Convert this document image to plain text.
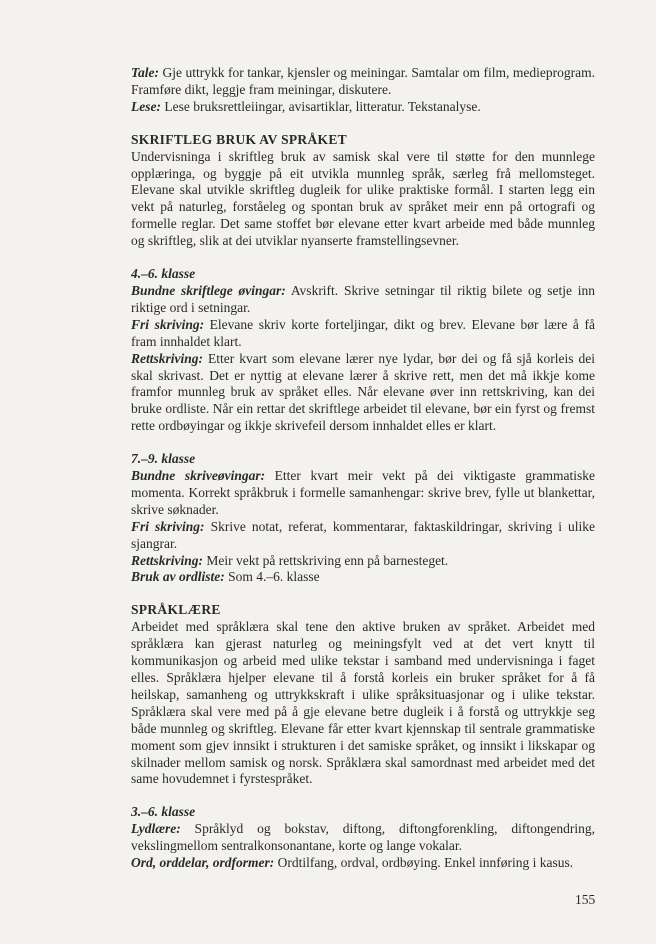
Tale: Gje uttrykk for tankar, kjensler og meiningar. Samtalar om film, medieprogram. Framføre dikt, leggje fram meiningar, diskutere.

Lese: Lese bruksrettleiingar, avisartiklar, litteratur. Tekstanalyse.

SKRIFTLEG BRUK AV SPRÅKET

Undervisninga i skriftleg bruk av samisk skal vere til støtte for den munnlege opplæringa, og byggje på eit utvikla munnleg språk, særleg frå mellomsteget. Elevane skal utvikle skriftleg dugleik for ulike praktiske formål. I starten legg ein vekt på naturleg, forståeleg og spontan bruk av språket meir enn på ortografi og formelle reglar. Det same stoffet bør elevane etter kvart arbeide med både munnleg og skriftleg, slik at dei utviklar nyanserte framstellingsevner.

4.–6. klasse

Bundne skriftlege øvingar: Avskrift. Skrive setningar til riktig bilete og setje inn riktige ord i setningar.

Fri skriving: Elevane skriv korte forteljingar, dikt og brev. Elevane bør lære å få fram innhaldet klart.

Rettskriving: Etter kvart som elevane lærer nye lydar, bør dei og få sjå korleis dei skal skrivast. Det er nyttig at elevane lærer å skrive rett, men det må ikkje kome framfor munnleg bruk av språket elles. Når elevane øver inn rettskriving, kan dei bruke ordliste. Når ein rettar det skriftlege arbeidet til elevane, bør ein fyrst og fremst rette ordbøyingar og ikkje skrivefeil dersom innhaldet elles er klart.

7.–9. klasse

Bundne skriveøvingar: Etter kvart meir vekt på dei viktigaste grammatiske momenta. Korrekt språkbruk i formelle samanhengar: skrive brev, fylle ut blankettar, skrive søknader.

Fri skriving: Skrive notat, referat, kommentarar, faktaskildringar, skriving i ulike sjangrar.

Rettskriving: Meir vekt på rettskriving enn på barnesteget.

Bruk av ordliste: Som 4.–6. klasse

SPRÅKLÆRE

Arbeidet med språklæra skal tene den aktive bruken av språket. Arbeidet med språklæra kan gjerast naturleg og meiningsfylt ved at det vert knytt til kommunikasjon og arbeid med ulike tekstar i samband med undervisninga i faget elles. Språklæra hjelper elevane til å forstå korleis ein bruker språket for å få heilskap, samanheng og uttrykkskraft i ulike språksituasjonar og i ulike tekstar. Språklæra skal vere med på å gje elevane betre dugleik i å forstå og uttrykkje seg både munnleg og skriftleg. Elevane får etter kvart kjennskap til sentrale grammatiske moment som gjev innsikt i strukturen i det samiske språket, og innsikt i likskapar og skilnader mellom samisk og norsk. Språklæra skal samordnast med arbeidet med det same hovudemnet i fyrstespråket.

3.–6. klasse

Lydlære: Språklyd og bokstav, diftong, diftongforenkling, diftongendring, vekslingmellom sentralkonsonantane, korte og lange vokalar.

Ord, orddelar, ordformer: Ordtilfang, ordval, ordbøying. Enkel innføring i kasus.

155
